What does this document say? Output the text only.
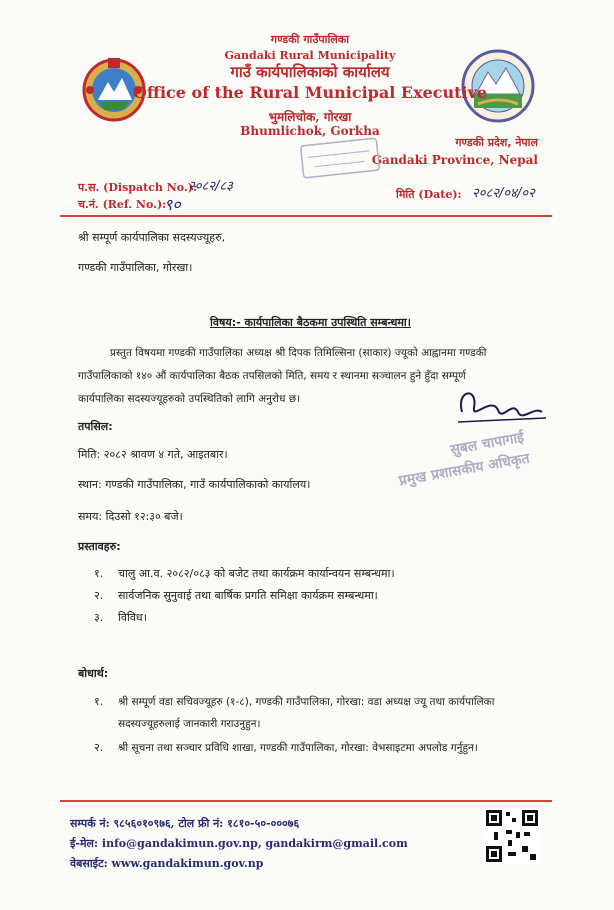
गण्डकी गाउँपालिका
Gandaki Rural Municipality
गाउँ कार्यपालिकाको कार्यालय
Office of the Rural Municipal Executive
भुमलिचोक, गोरखा
Bhumlichok, Gorkha
गण्डकी प्रदेश, नेपाल
Gandaki Province, Nepal
प.स. (Dispatch No.):
२०८२/८३
च.नं. (Ref. No.):
९०
मिति (Date): २०८२/०४/०२
श्री सम्पूर्ण कार्यपालिका सदस्यज्यूहरु,
गण्डकी गाउँपालिका, गोरखा।
विषय:- कार्यपालिका बैठकमा उपस्थिति सम्बन्धमा।
प्रस्तुत विषयमा गण्डकी गाउँपालिका अध्यक्ष श्री दिपक तिमिल्सिना (साकार) ज्यूको आह्वानमा गण्डकी
गाउँपालिकाको १४० औं कार्यपालिका बैठक तपसिलको मिति, समय र स्थानमा सञ्चालन हुने हुँदा सम्पूर्ण
कार्यपालिका सदस्यज्यूहरुको उपस्थितिको लागि अनुरोध छ।
सुबल चापागाई
प्रमुख प्रशासकीय अधिकृत
तपसिल:
मिति: २०८२ श्रावण ४ गते, आइतबार।
स्थान: गण्डकी गाउँपालिका, गाउँ कार्यपालिकाको कार्यालय।
समय: दिउसो १२:३० बजे।
प्रस्तावहरु:
१. चालु आ.व. २०८२/०८३ को बजेट तथा कार्यक्रम कार्यान्वयन सम्बन्धमा।
२. सार्वजनिक सुनुवाई तथा बार्षिक प्रगति समिक्षा कार्यक्रम सम्बन्धमा।
३. विविध।
बोधार्थ:
१. श्री सम्पूर्ण वडा सचिवज्यूहरु (१-८), गण्डकी गाउँपालिका, गोरखा: वडा अध्यक्ष ज्यू तथा कार्यपालिका
सदस्यज्यूहरुलाई जानकारी गराउनुहुन।
२. श्री सूचना तथा सञ्चार प्रविधि शाखा, गण्डकी गाउँपालिका, गोरखा: वेभसाइटमा अपलोड गर्नुहुन।
सम्पर्क नं: ९८५६०१०९७६, टोल फ्री नं: १८१०-५०-०००७६
ई-मेल: info@gandakimun.gov.np, gandakirm@gmail.com
वेबसाईट: www.gandakimun.gov.np
